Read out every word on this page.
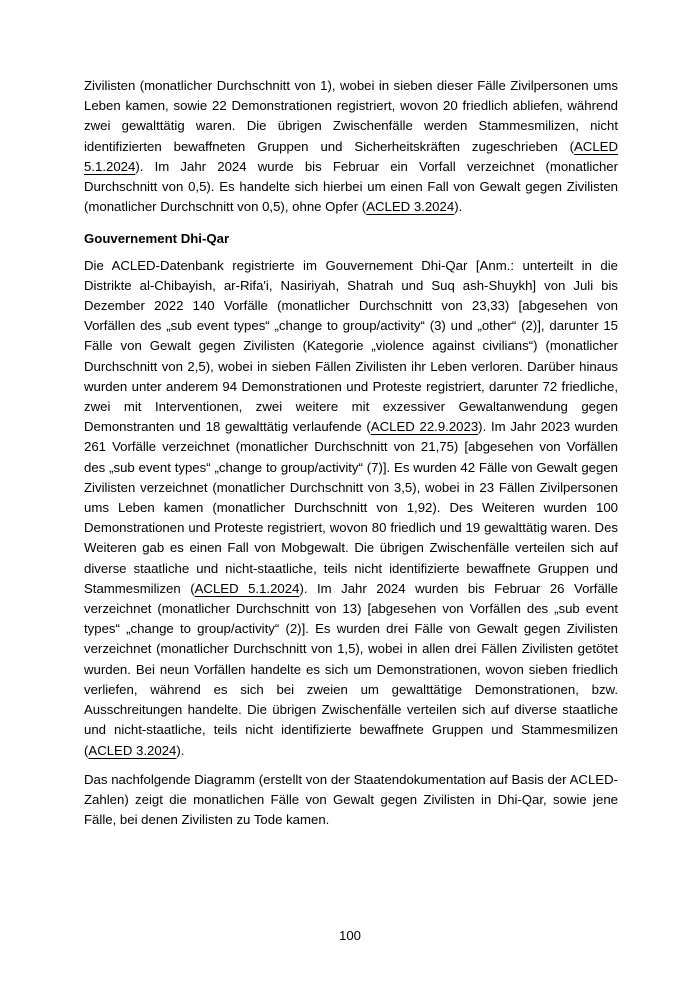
Zivilisten (monatlicher Durchschnitt von 1), wobei in sieben dieser Fälle Zivilpersonen ums Leben kamen, sowie 22 Demonstrationen registriert, wovon 20 friedlich abliefen, während zwei gewalttätig waren. Die übrigen Zwischenfälle werden Stammesmilizen, nicht identifizierten bewaffneten Gruppen und Sicherheitskräften zugeschrieben (ACLED 5.1.2024). Im Jahr 2024 wurde bis Februar ein Vorfall verzeichnet (monatlicher Durchschnitt von 0,5). Es handelte sich hierbei um einen Fall von Gewalt gegen Zivilisten (monatlicher Durchschnitt von 0,5), ohne Opfer (ACLED 3.2024).

Gouvernement Dhi-Qar

Die ACLED-Datenbank registrierte im Gouvernement Dhi-Qar [Anm.: unterteilt in die Distrikte al-Chibayish, ar-Rifa'i, Nasiriyah, Shatrah und Suq ash-Shuykh] von Juli bis Dezember 2022 140 Vorfälle (monatlicher Durchschnitt von 23,33) [abgesehen von Vorfällen des „sub event types“ „change to group/activity“ (3) und „other“ (2)], darunter 15 Fälle von Gewalt gegen Zivilisten (Kategorie „violence against civilians“) (monatlicher Durchschnitt von 2,5), wobei in sieben Fällen Zivilisten ihr Leben verloren. Darüber hinaus wurden unter anderem 94 Demonstrationen und Proteste registriert, darunter 72 friedliche, zwei mit Interventionen, zwei weitere mit exzessiver Gewaltanwendung gegen Demonstranten und 18 gewalttätig verlaufende (ACLED 22.9.2023). Im Jahr 2023 wurden 261 Vorfälle verzeichnet (monatlicher Durchschnitt von 21,75) [abgesehen von Vorfällen des „sub event types“ „change to group/activity“ (7)]. Es wurden 42 Fälle von Gewalt gegen Zivilisten verzeichnet (monatlicher Durchschnitt von 3,5), wobei in 23 Fällen Zivilpersonen ums Leben kamen (monatlicher Durchschnitt von 1,92). Des Weiteren wurden 100 Demonstrationen und Proteste registriert, wovon 80 friedlich und 19 gewalttätig waren. Des Weiteren gab es einen Fall von Mobgewalt. Die übrigen Zwischenfälle verteilen sich auf diverse staatliche und nicht-staatliche, teils nicht identifizierte bewaffnete Gruppen und Stammesmilizen (ACLED 5.1.2024). Im Jahr 2024 wurden bis Februar 26 Vorfälle verzeichnet (monatlicher Durchschnitt von 13) [abgesehen von Vorfällen des „sub event types“ „change to group/activity“ (2)]. Es wurden drei Fälle von Gewalt gegen Zivilisten verzeichnet (monatlicher Durchschnitt von 1,5), wobei in allen drei Fällen Zivilisten getötet wurden. Bei neun Vorfällen handelte es sich um Demonstrationen, wovon sieben friedlich verliefen, während es sich bei zweien um gewalttätige Demonstrationen, bzw. Ausschreitungen handelte. Die übrigen Zwischenfälle verteilen sich auf diverse staatliche und nicht-staatliche, teils nicht identifizierte bewaffnete Gruppen und Stammesmilizen (ACLED 3.2024).

Das nachfolgende Diagramm (erstellt von der Staatendokumentation auf Basis der ACLED-Zahlen) zeigt die monatlichen Fälle von Gewalt gegen Zivilisten in Dhi-Qar, sowie jene Fälle, bei denen Zivilisten zu Tode kamen.

100
